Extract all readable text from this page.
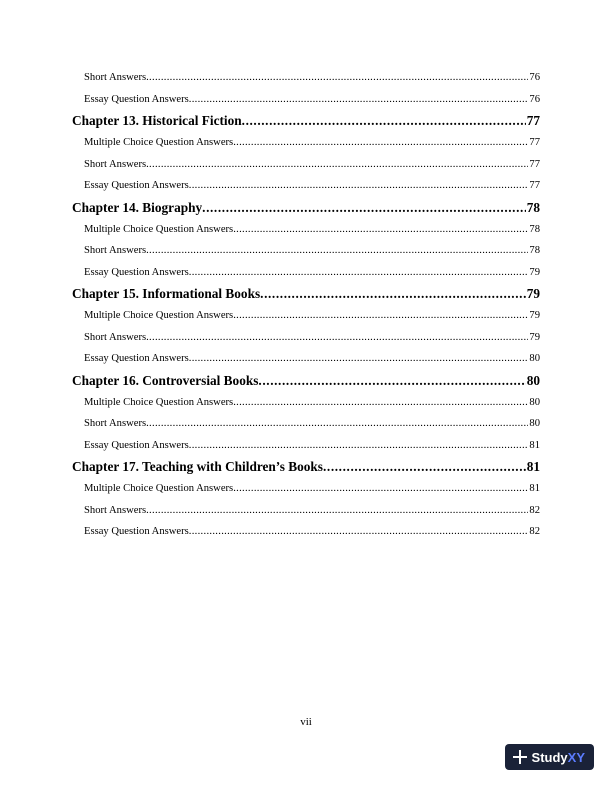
Short Answers .....	76
Essay Question Answers .....	76
Chapter 13. Historical Fiction .....	77
Multiple Choice Question Answers .....	77
Short Answers .....	77
Essay Question Answers .....	77
Chapter 14. Biography .....	78
Multiple Choice Question Answers .....	78
Short Answers .....	78
Essay Question Answers .....	79
Chapter 15. Informational Books .....	79
Multiple Choice Question Answers .....	79
Short Answers .....	79
Essay Question Answers .....	80
Chapter 16. Controversial Books .....	80
Multiple Choice Question Answers .....	80
Short Answers .....	80
Essay Question Answers .....	81
Chapter 17. Teaching with Children’s Books .....	81
Multiple Choice Question Answers .....	81
Short Answers .....	82
Essay Question Answers .....	82
vii
StudyXY
